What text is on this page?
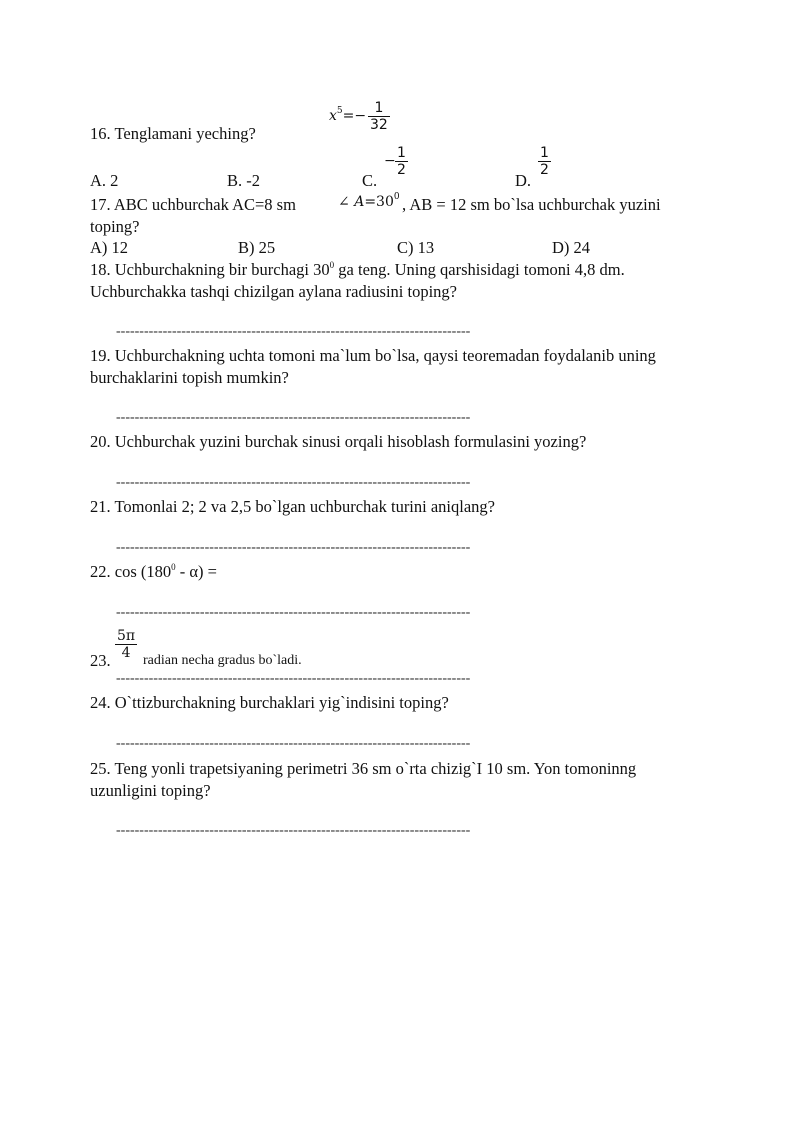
16. Tenglamani yeching?
$x^5=- \frac{1}{32}$
A. 2	B. -2	C.
− $\frac{1}{2}$
D.
$\frac{1}{2}$
17. ABC uchburchak AC=8 sm	∠ $A=30^0$ , AB = 12 sm bo`lsa uchburchak yuzini
toping?
A) 12	B) 25	C) 13	D) 24
18. Uchburchakning bir burchagi $30^0$ ga teng. Uning qarshisidagi tomoni 4,8 dm.
Uchburchakka tashqi chizilgan aylana radiusini toping?
----------------------------------------------------------------------------
19. Uchburchakning uchta tomoni ma`lum bo`lsa, qaysi teoremadan foydalanib uning
burchaklarini topish mumkin?
----------------------------------------------------------------------------
20. Uchburchak yuzini burchak sinusi orqali hisoblash formulasini yozing?
----------------------------------------------------------------------------
21. Tomonlai 2; 2 va 2,5 bo`lgan uchburchak turini aniqlang?
----------------------------------------------------------------------------
22. $\cos (180^0 - \alpha)$ =
----------------------------------------------------------------------------
$\frac{5\pi}{4}$
23. radian necha gradus bo`ladi.
----------------------------------------------------------------------------
24. O`ttizburchakning burchaklari yig`indisini toping?
----------------------------------------------------------------------------
25. Teng yonli trapetsiyaning perimetri 36 sm o`rta chizig`I 10 sm. Yon tomoninng
uzunligini toping?
----------------------------------------------------------------------------
